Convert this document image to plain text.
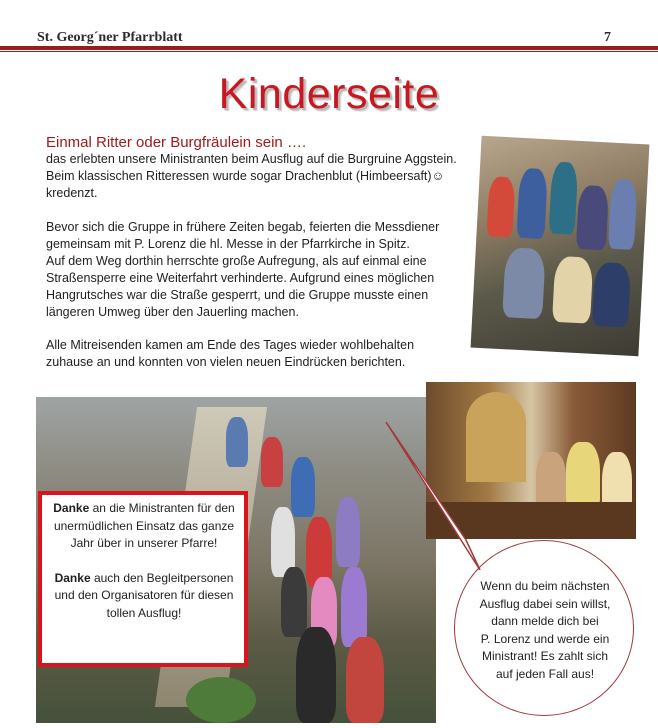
St. Georg´ner Pfarrblatt	7
Kinderseite
Einmal Ritter oder Burgfräulein sein ….
das erlebten unsere Ministranten beim Ausflug auf die Burgruine Aggstein.
Beim klassischen Ritteressen wurde sogar Drachenblut (Himbeersaft)☺
kredenzt.
Bevor sich die Gruppe in frühere Zeiten begab, feierten die Messdiener
gemeinsam mit P. Lorenz die hl. Messe in der Pfarrkirche in Spitz.
Auf dem Weg dorthin herrschte große Aufregung, als auf einmal eine
Straßensperre eine Weiterfahrt verhinderte. Aufgrund eines möglichen
Hangrutsches war die Straße gesperrt, und die Gruppe musste einen
längeren Umweg über den Jauerling machen.
Alle Mitreisenden kamen am Ende des Tages wieder wohlbehalten
zuhause an und konnten von vielen neuen Eindrücken berichten.
Wenn du beim nächsten
Ausflug dabei sein willst,
dann melde dich bei
P. Lorenz und werde ein
Ministrant! Es zahlt sich
auf jeden Fall aus!
Danke an die Ministranten für den unermüdlichen Einsatz das ganze Jahr über in unserer Pfarre!
Danke auch den Begleitpersonen und den Organisatoren für diesen tollen Ausflug!
